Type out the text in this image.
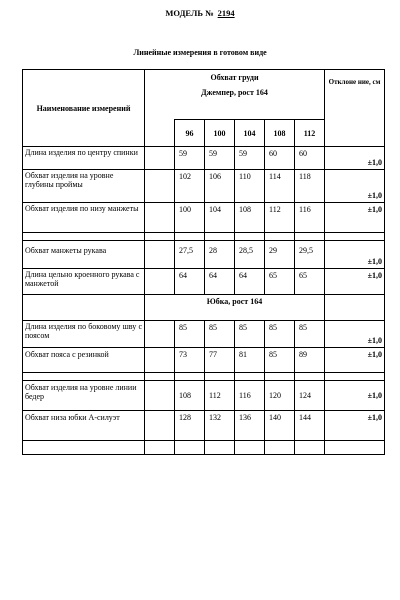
МОДЕЛЬ № 2194
Линейные измерения в готовом виде
Наименование измерений	Обхват груди
Джемпер, рост 164						Отклоне ние, см
		96	100	104	108	112	
Длина изделия по центру спинки		59	59	59	60	60	±1,0
Обхват изделия на уровне глубины проймы		102	106	110	114	118	±1,0
Обхват изделия по низу манжеты		100	104	108	112	116	±1,0

Обхват манжеты рукава		27,5	28	28,5	29	29,5	±1,0
Длина цельно кроенного рукава с манжетой		64	64	64	65	65	±1,0
	Юбка, рост 164						
Длина изделия по боковому шву с поясом		85	85	85	85	85	±1,0
Обхват пояса с резинкой		73	77	81	85	89	±1,0

Обхват изделия на уровне линии бедер		108	112	116	120	124	±1,0
Обхват низа юбки А-силуэт		128	132	136	140	144	±1,0
